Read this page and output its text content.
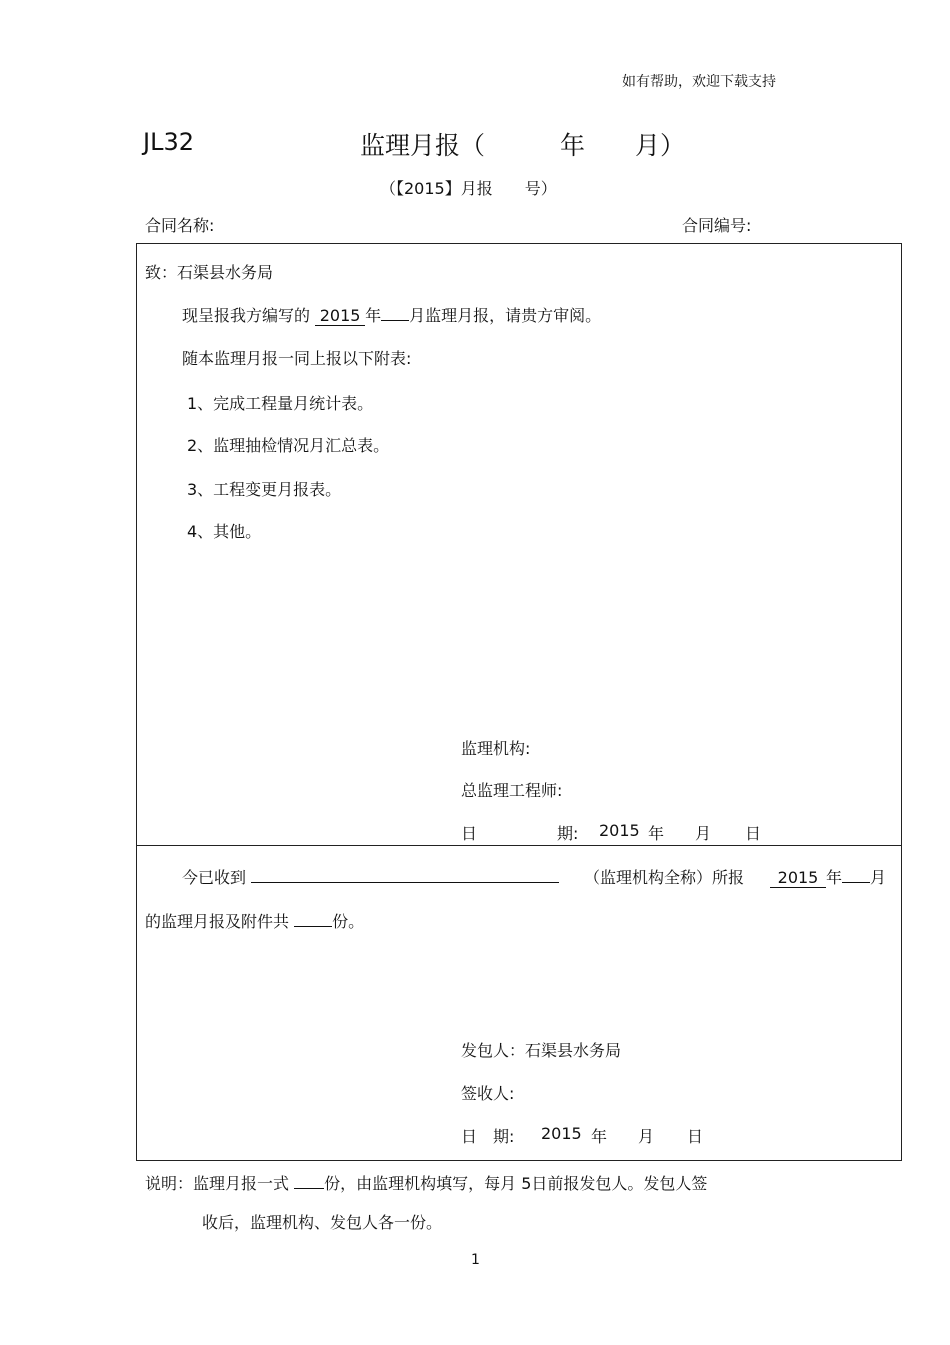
如有帮助，欢迎下载支持
JL32	监理月报（　　　年　　月）
（【2015】月报　　号）
合同名称:	合同编号:
致：石渠县水务局
现呈报我方编写的 2015 年 月监理月报，请贵方审阅。
随本监理月报一同上报以下附表:
1、完成工程量月统计表。
2、监理抽检情况月汇总表。
3、工程变更月报表。
4、其他。
监理机构:
总监理工程师:
日	期: 2015 年 月 日
今已收到	（监理机构全称）所报	2015 年 月
的监理月报及附件共	份。
发包人：石渠县水务局
签收人:
日　期: 2015 年 月 日
说明：监理月报一式 份，由监理机构填写，每月 5日前报发包人。发包人签
收后，监理机构、发包人各一份。
1
